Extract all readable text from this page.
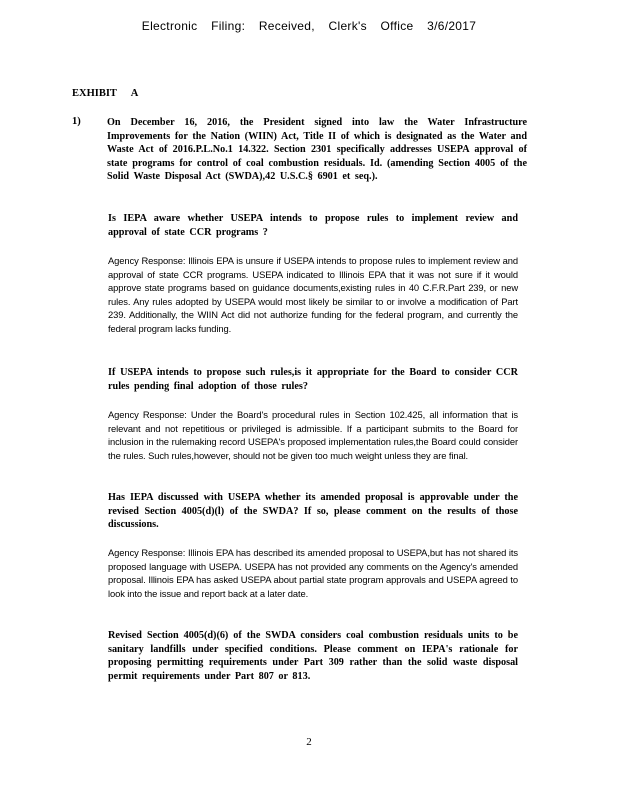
Electronic Filing: Received, Clerk's Office 3/6/2017
EXHIBIT A
1)	On December 16, 2016, the President signed into law the Water Infrastructure Improvements for the Nation (WIIN) Act, Title II of which is designated as the Water and Waste Act of 2016.P.L.No.1 14.322. Section 2301 specifically addresses USEPA approval of state programs for control of coal combustion residuals. Id. (amending Section 4005 of the Solid Waste Disposal Act (SWDA),42 U.S.C.§ 6901 et seq.).
Is IEPA aware whether USEPA intends to propose rules to implement review and approval of state CCR programs ?
Agency Response: Illinois EPA is unsure if USEPA intends to propose rules to implement review and approval of state CCR programs. USEPA indicated to Illinois EPA that it was not sure if it would approve state programs based on guidance documents,existing rules in 40 C.F.R.Part 239, or new rules. Any rules adopted by USEPA would most likely be similar to or involve a modification of Part 239. Additionally, the WIIN Act did not authorize funding for the federal program, and currently the federal program lacks funding.
If USEPA intends to propose such rules,is it appropriate for the Board to consider CCR rules pending final adoption of those rules?
Agency Response: Under the Board's procedural rules in Section 102.425, all information that is relevant and not repetitious or privileged is admissible. If a participant submits to the Board for inclusion in the rulemaking record USEPA's proposed implementation rules,the Board could consider the rules. Such rules,however, should not be given too much weight unless they are final.
Has IEPA discussed with USEPA whether its amended proposal is approvable under the revised Section 4005(d)(l) of the SWDA? If so, please comment on the results of those discussions.
Agency Response: Illinois EPA has described its amended proposal to USEPA,but has not shared its proposed language with USEPA. USEPA has not provided any comments on the Agency's amended proposal. Illinois EPA has asked USEPA about partial state program approvals and USEPA agreed to look into the issue and report back at a later date.
Revised Section 4005(d)(6) of the SWDA considers coal combustion residuals units to be sanitary landfills under specified conditions. Please comment on IEPA's rationale for proposing permitting requirements under Part 309 rather than the solid waste disposal permit requirements under Part 807 or 813.
2
